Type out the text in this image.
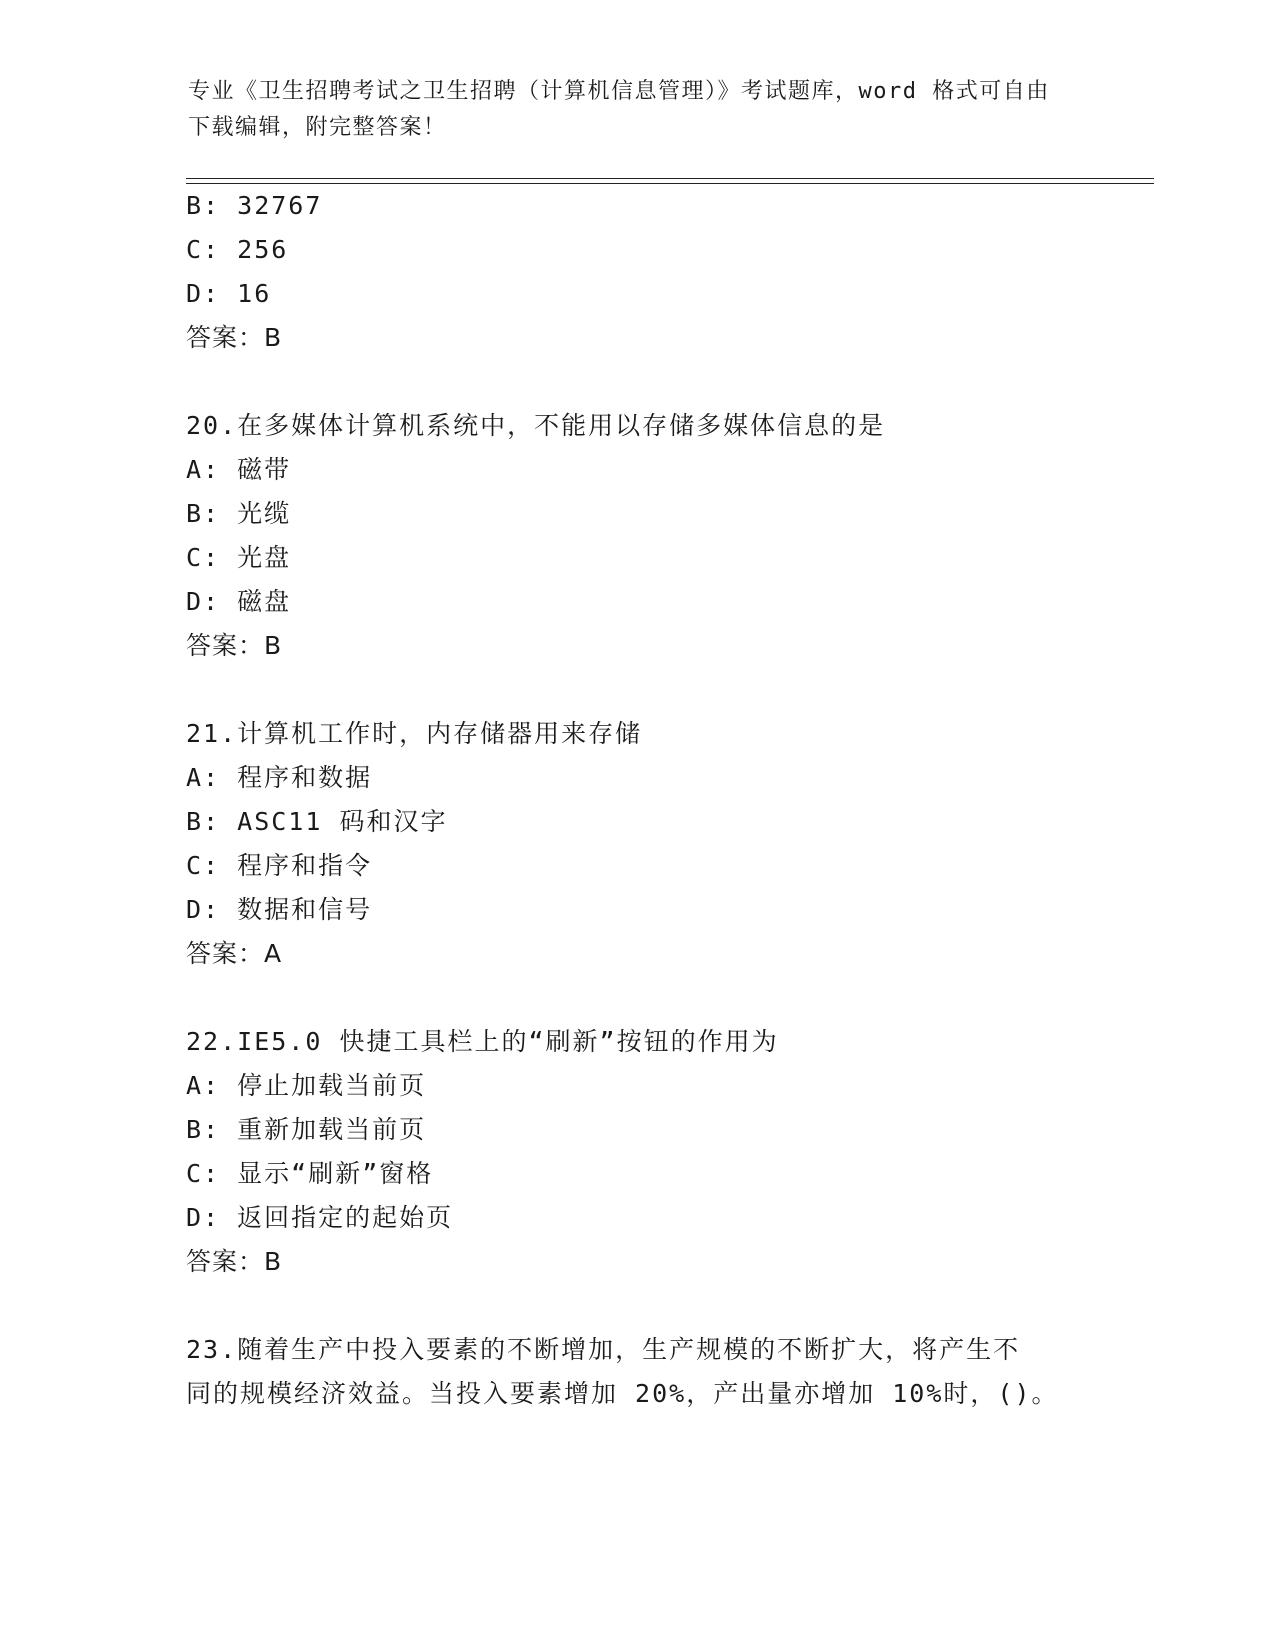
专业《卫生招聘考试之卫生招聘（计算机信息管理）》考试题库，word 格式可自由下载编辑，附完整答案！
B: 32767
C: 256
D: 16
答案：B
20.在多媒体计算机系统中，不能用以存储多媒体信息的是
A: 磁带
B: 光缆
C: 光盘
D: 磁盘
答案：B
21.计算机工作时，内存储器用来存储
A: 程序和数据
B: ASC11 码和汉字
C: 程序和指令
D: 数据和信号
答案：A
22.IE5.0 快捷工具栏上的“刷新”按钮的作用为
A: 停止加载当前页
B: 重新加载当前页
C: 显示“刷新”窗格
D: 返回指定的起始页
答案：B
23.随着生产中投入要素的不断增加，生产规模的不断扩大，将产生不
同的规模经济效益。当投入要素增加 20%，产出量亦增加 10%时，()。
